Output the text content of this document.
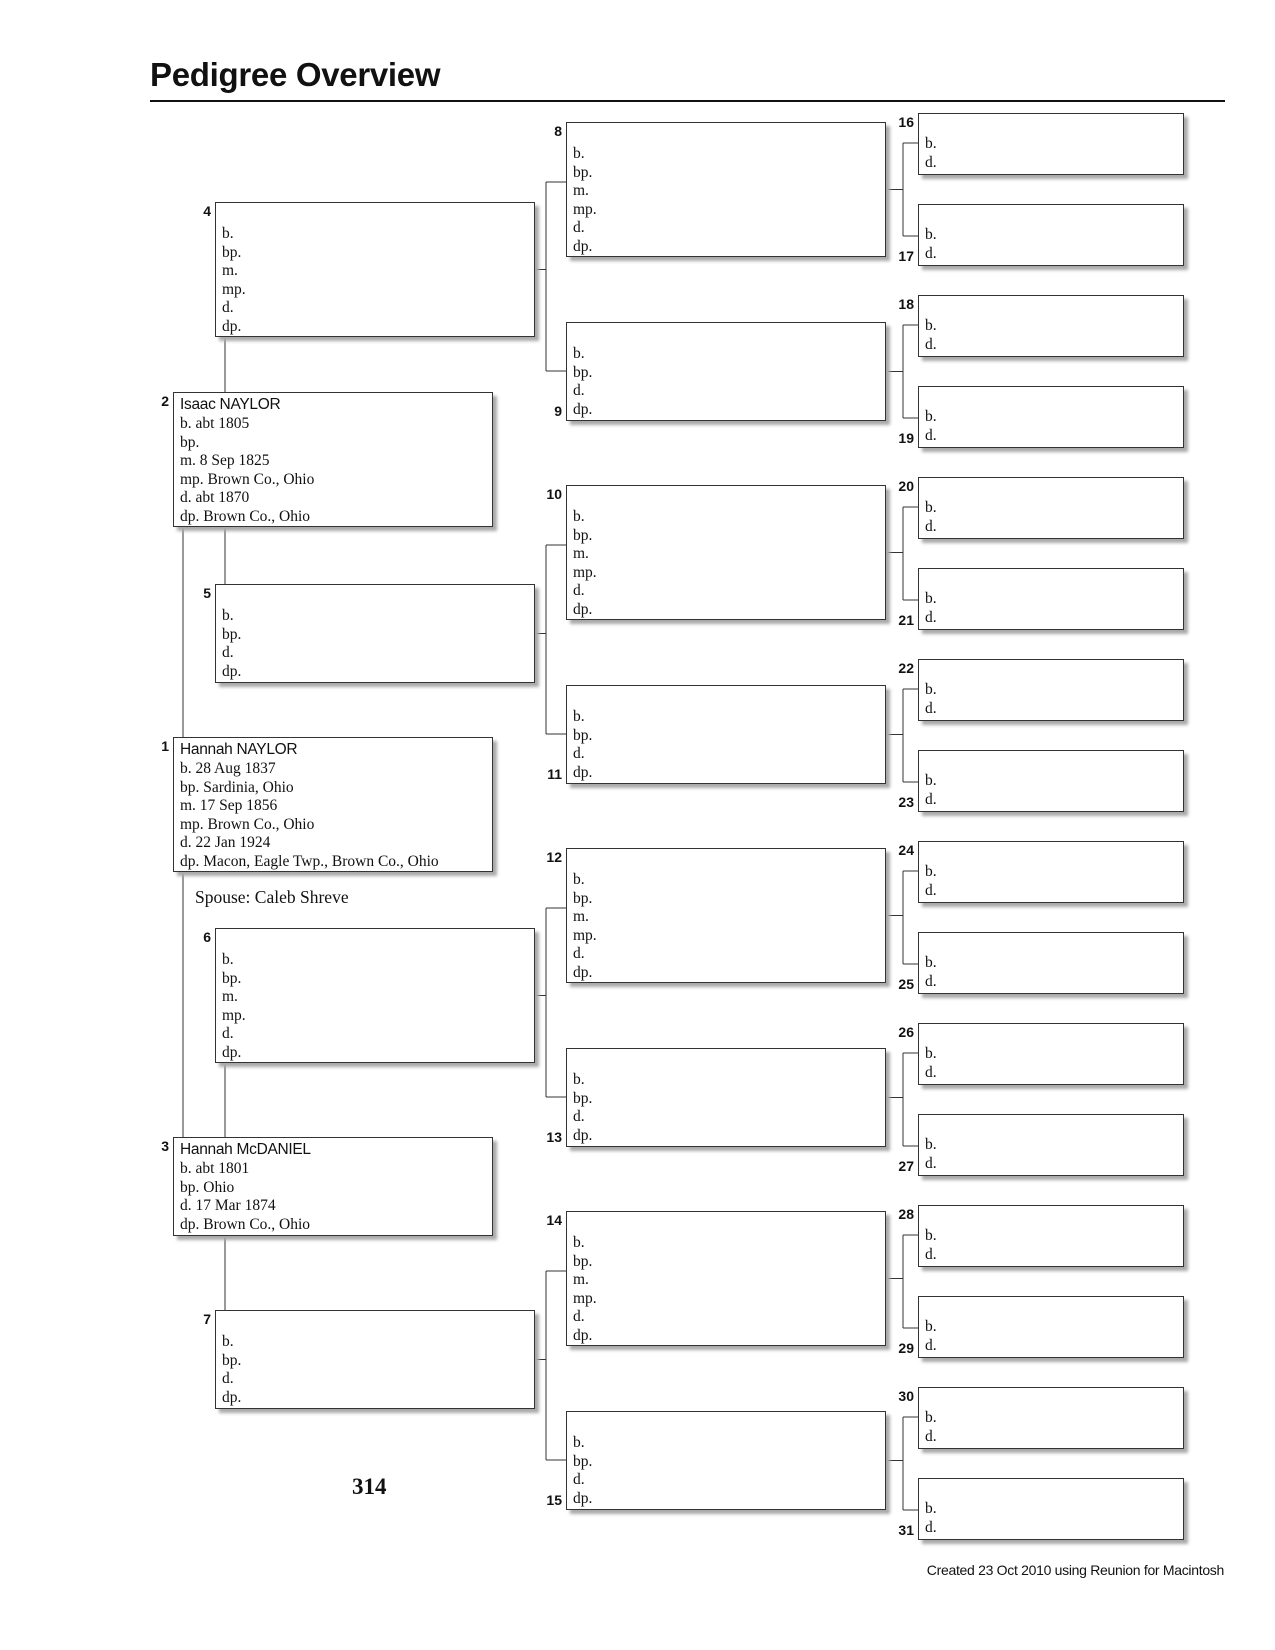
Pedigree Overview
Hannah NAYLOR
b. 28 Aug 1837
bp. Sardinia, Ohio
m. 17 Sep 1856
mp. Brown Co., Ohio
d. 22 Jan 1924
dp. Macon, Eagle Twp., Brown Co., Ohio
1
Isaac NAYLOR
b. abt 1805
bp.
m. 8 Sep 1825
mp. Brown Co., Ohio
d. abt 1870
dp. Brown Co., Ohio
2
Hannah McDANIEL
b. abt 1801
bp. Ohio
d. 17 Mar 1874
dp. Brown Co., Ohio
3
b.
bp.
m.
mp.
d.
dp.
4
b.
bp.
d.
dp.
5
b.
bp.
m.
mp.
d.
dp.
6
b.
bp.
d.
dp.
7
b.
bp.
m.
mp.
d.
dp.
8
b.
bp.
d.
dp.
9
b.
bp.
m.
mp.
d.
dp.
10
b.
bp.
d.
dp.
11
b.
bp.
m.
mp.
d.
dp.
12
b.
bp.
d.
dp.
13
b.
bp.
m.
mp.
d.
dp.
14
b.
bp.
d.
dp.
15
b.
d.
16
b.
d.
17
b.
d.
18
b.
d.
19
b.
d.
20
b.
d.
21
b.
d.
22
b.
d.
23
b.
d.
24
b.
d.
25
b.
d.
26
b.
d.
27
b.
d.
28
b.
d.
29
b.
d.
30
b.
d.
31
Spouse: Caleb Shreve
314
Created 23 Oct 2010 using Reunion for Macintosh
